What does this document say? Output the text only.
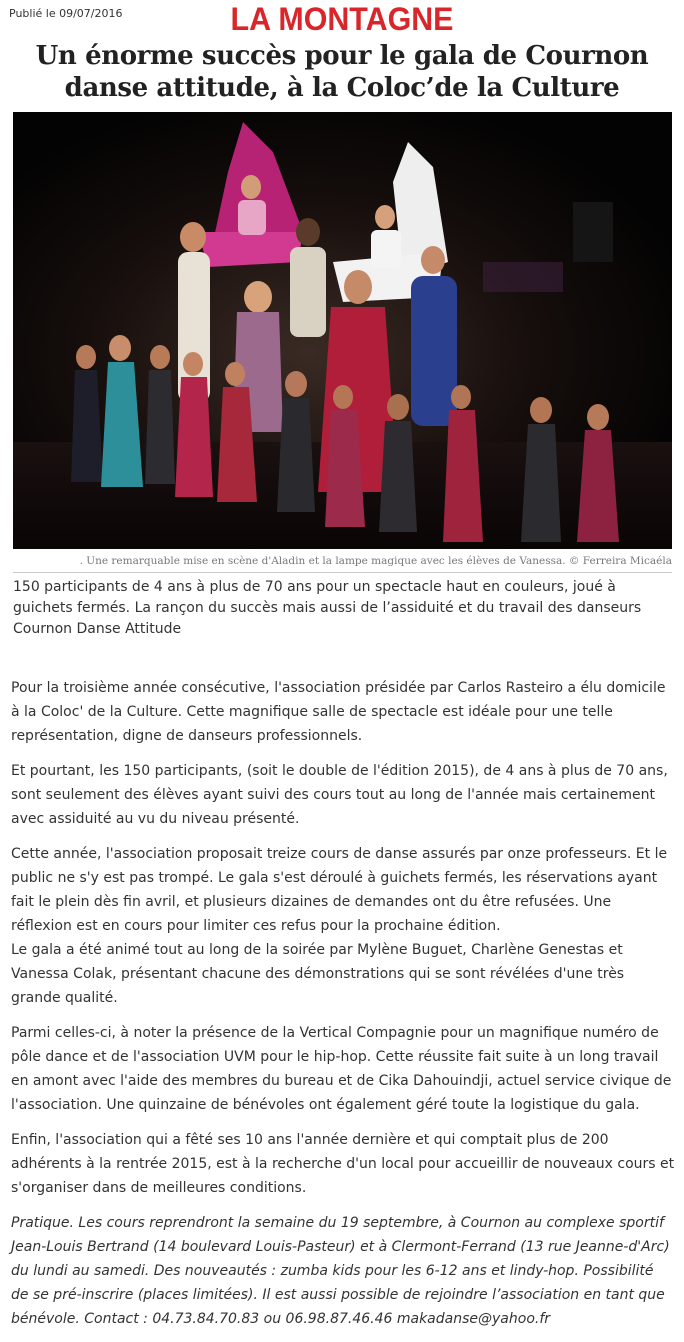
Publié le 09/07/2016	LA MONTAGNE
Un énorme succès pour le gala de Cournon
danse attitude, à la Coloc’de la Culture
. Une remarquable mise en scène d'Aladin et la lampe magique avec les élèves de Vanessa. © Ferreira Micaéla
150 participants de 4 ans à plus de 70 ans pour un spectacle haut en couleurs, joué à guichets fermés. La rançon du succès mais aussi de l’assiduité et du travail des danseurs Cournon Danse Attitude

Pour la troisième année consécutive, l'association présidée par Carlos Rasteiro a élu domicile à la Coloc' de la Culture. Cette magnifique salle de spectacle est idéale pour une telle représentation, digne de danseurs professionnels.

Et pourtant, les 150 participants, (soit le double de l'édition 2015), de 4 ans à plus de 70 ans, sont seulement des élèves ayant suivi des cours tout au long de l'année mais certainement avec assiduité au vu du niveau présenté.

Cette année, l'association proposait treize cours de danse assurés par onze professeurs. Et le public ne s'y est pas trompé. Le gala s'est déroulé à guichets fermés, les réservations ayant fait le plein dès fin avril, et plusieurs dizaines de demandes ont du être refusées. Une réflexion est en cours pour limiter ces refus pour la prochaine édition.

Le gala a été animé tout au long de la soirée par Mylène Buguet, Charlène Genestas et Vanessa Colak, présentant chacune des démonstrations qui se sont révélées d'une très grande qualité.

Parmi celles-ci, à noter la présence de la Vertical Compagnie pour un magnifique numéro de pôle dance et de l'association UVM pour le hip-hop. Cette réussite fait suite à un long travail en amont avec l'aide des membres du bureau et de Cika Dahouindji, actuel service civique de l'association. Une quinzaine de bénévoles ont également géré toute la logistique du gala.

Enfin, l'association qui a fêté ses 10 ans l'année dernière et qui comptait plus de 200 adhérents à la rentrée 2015, est à la recherche d'un local pour accueillir de nouveaux cours et s'organiser dans de meilleures conditions.

Pratique. Les cours reprendront la semaine du 19 septembre, à Cournon au complexe sportif Jean-Louis Bertrand (14 boulevard Louis-Pasteur) et à Clermont-Ferrand (13 rue Jeanne-d'Arc) du lundi au samedi. Des nouveautés : zumba kids pour les 6-12 ans et lindy-hop. Possibilité de se pré-inscrire (places limitées). Il est aussi possible de rejoindre l’association en tant que bénévole. Contact : 04.73.84.70.83 ou 06.98.87.46.46 makadanse@yahoo.fr
